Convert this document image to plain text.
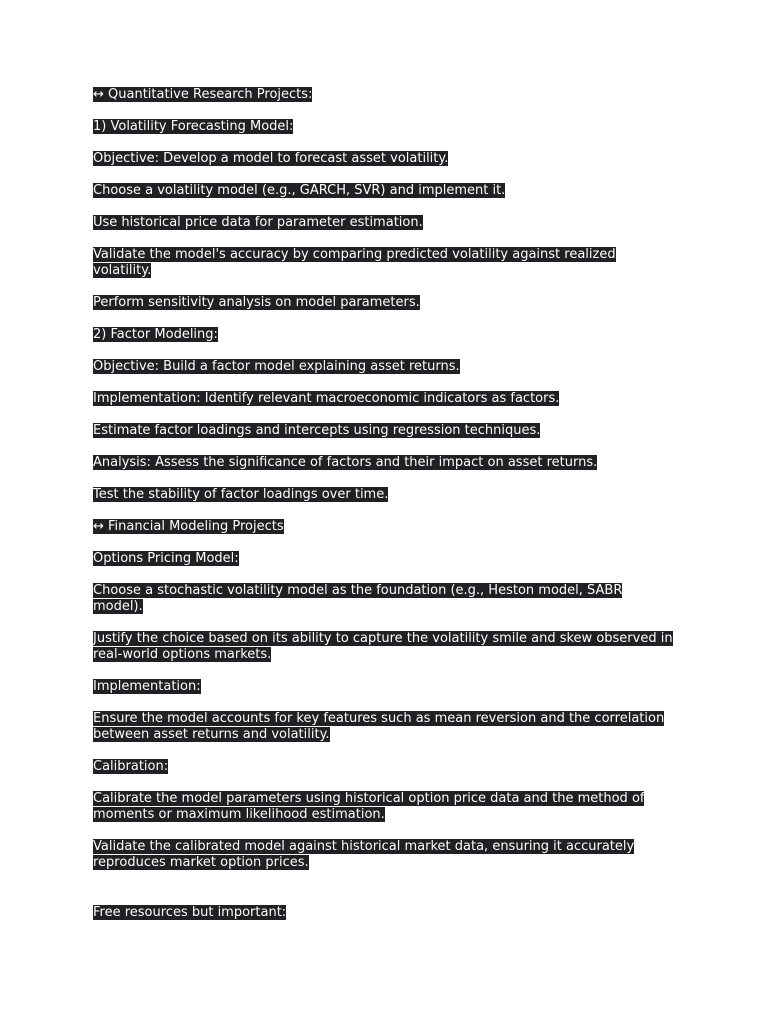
↔ Quantitative Research Projects:

1) Volatility Forecasting Model:

Objective: Develop a model to forecast asset volatility.

Choose a volatility model (e.g., GARCH, SVR) and implement it.

Use historical price data for parameter estimation.

Validate the model's accuracy by comparing predicted volatility against realized volatility.

Perform sensitivity analysis on model parameters.

2) Factor Modeling:

Objective: Build a factor model explaining asset returns.

Implementation: Identify relevant macroeconomic indicators as factors.

Estimate factor loadings and intercepts using regression techniques.

Analysis: Assess the significance of factors and their impact on asset returns.

Test the stability of factor loadings over time.

↔ Financial Modeling Projects

Options Pricing Model:

Choose a stochastic volatility model as the foundation (e.g., Heston model, SABR model).

Justify the choice based on its ability to capture the volatility smile and skew observed in real-world options markets.

Implementation:

Ensure the model accounts for key features such as mean reversion and the correlation between asset returns and volatility.

Calibration:

Calibrate the model parameters using historical option price data and the method of moments or maximum likelihood estimation.

Validate the calibrated model against historical market data, ensuring it accurately reproduces market option prices.

Free resources but important:
